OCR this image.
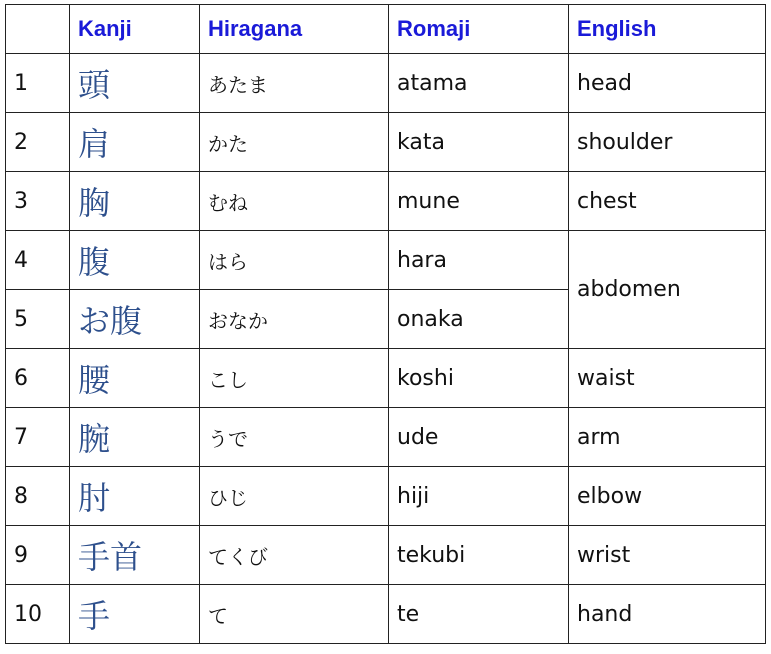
	Kanji	Hiragana	Romaji	English
1	頭	あたま	atama	head
2	肩	かた	kata	shoulder
3	胸	むね	mune	chest
4	腹	はら	hara	abdomen
5	お腹	おなか	onaka	
6	腰	こし	koshi	waist
7	腕	うで	ude	arm
8	肘	ひじ	hiji	elbow
9	手首	てくび	tekubi	wrist
10	手	て	te	hand
